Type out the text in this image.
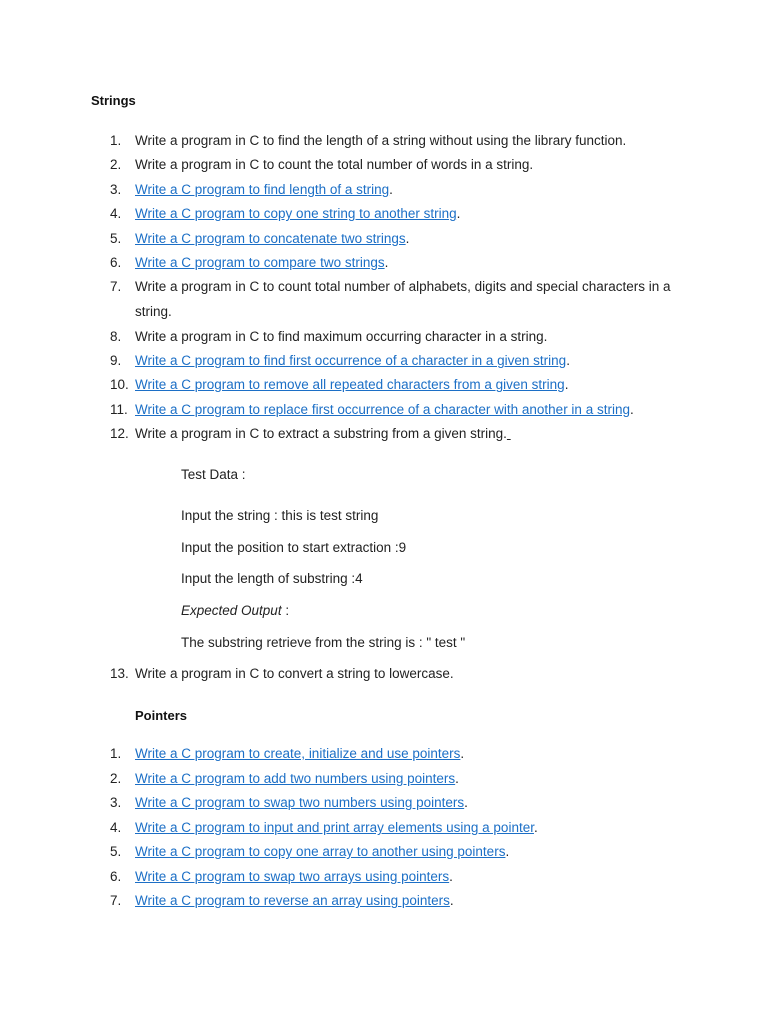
Strings
1.	Write a program in C to find the length of a string without using the library function.
2.	Write a program in C to count the total number of words in a string.
3.	Write a C program to find length of a string.
4.	Write a C program to copy one string to another string.
5.	Write a C program to concatenate two strings.
6.	Write a C program to compare two strings.
7.	Write a program in C to count total number of alphabets, digits and special characters in a string.
8.	Write a program in C to find maximum occurring character in a string.
9.	Write a C program to find first occurrence of a character in a given string.
10. Write a C program to remove all repeated characters from a given string.
11. Write a C program to replace first occurrence of a character with another in a string.
12. Write a program in C to extract a substring from a given string.
Test Data :
Input the string : this is test string
Input the position to start extraction :9
Input the length of substring :4
Expected Output :
The substring retrieve from the string is : " test "
13. Write a program in C to convert a string to lowercase.
Pointers
1.	Write a C program to create, initialize and use pointers.
2.	Write a C program to add two numbers using pointers.
3.	Write a C program to swap two numbers using pointers.
4.	Write a C program to input and print array elements using a pointer.
5.	Write a C program to copy one array to another using pointers.
6.	Write a C program to swap two arrays using pointers.
7.	Write a C program to reverse an array using pointers.
